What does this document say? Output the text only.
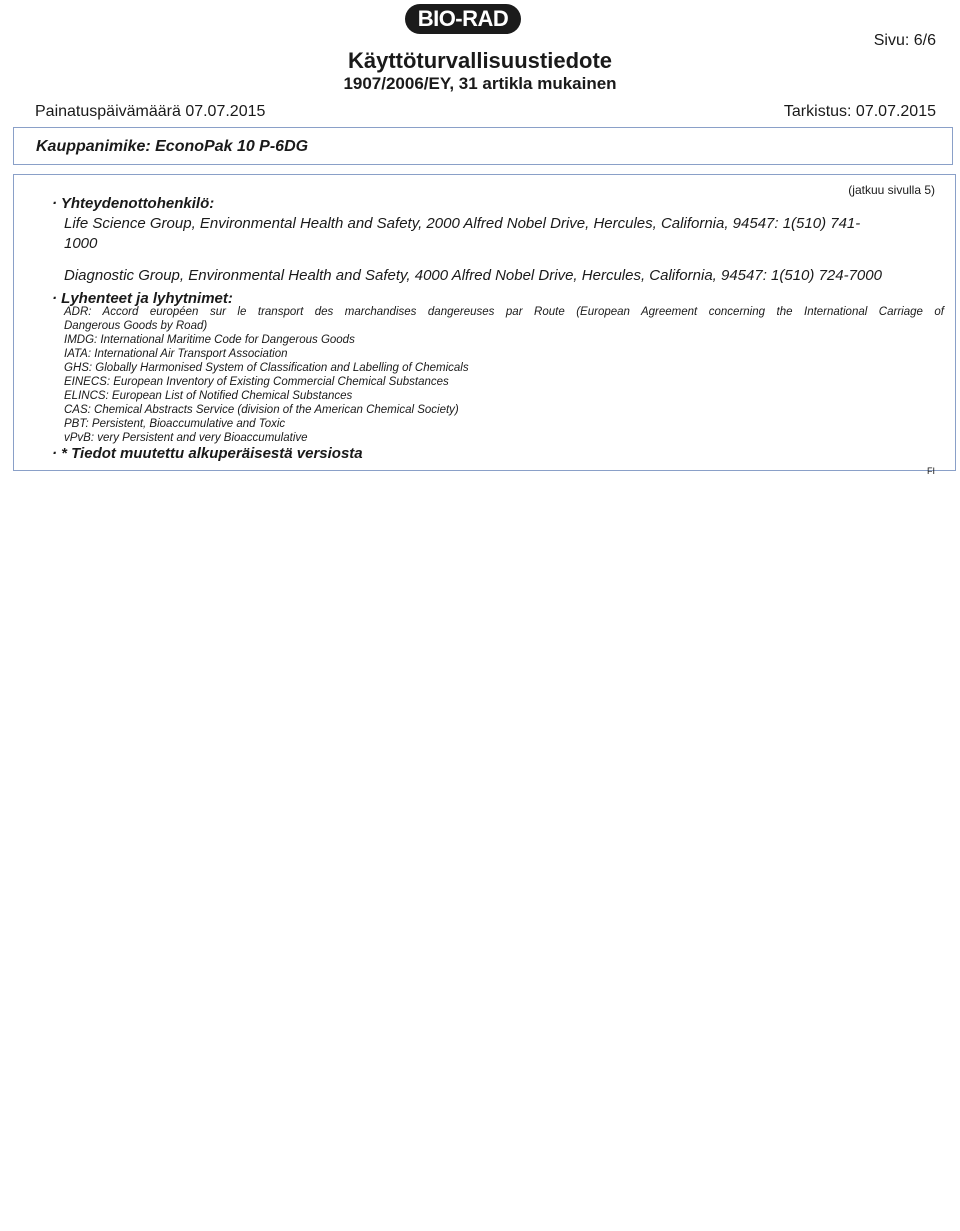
BIO-RAD
Sivu: 6/6
Käyttöturvallisuustiedote
1907/2006/EY, 31 artikla mukainen
Painatuspäivämäärä 07.07.2015	Tarkistus: 07.07.2015
Kauppanimike: EconoPak 10 P-6DG
(jatkuu sivulla 5)
· Yhteydenottohenkilö:
Life Science Group, Environmental Health and Safety, 2000 Alfred Nobel Drive, Hercules, California, 94547: 1(510) 741-
1000
Diagnostic Group, Environmental Health and Safety, 4000 Alfred Nobel Drive, Hercules, California, 94547: 1(510) 724-7000
· Lyhenteet ja lyhytnimet:
ADR: Accord européen sur le transport des marchandises dangereuses par Route (European Agreement concerning the International Carriage of
Dangerous Goods by Road)
IMDG: International Maritime Code for Dangerous Goods
IATA: International Air Transport Association
GHS: Globally Harmonised System of Classification and Labelling of Chemicals
EINECS: European Inventory of Existing Commercial Chemical Substances
ELINCS: European List of Notified Chemical Substances
CAS: Chemical Abstracts Service (division of the American Chemical Society)
PBT: Persistent, Bioaccumulative and Toxic
vPvB: very Persistent and very Bioaccumulative
· * Tiedot muutettu alkuperäisestä versiosta
FI
